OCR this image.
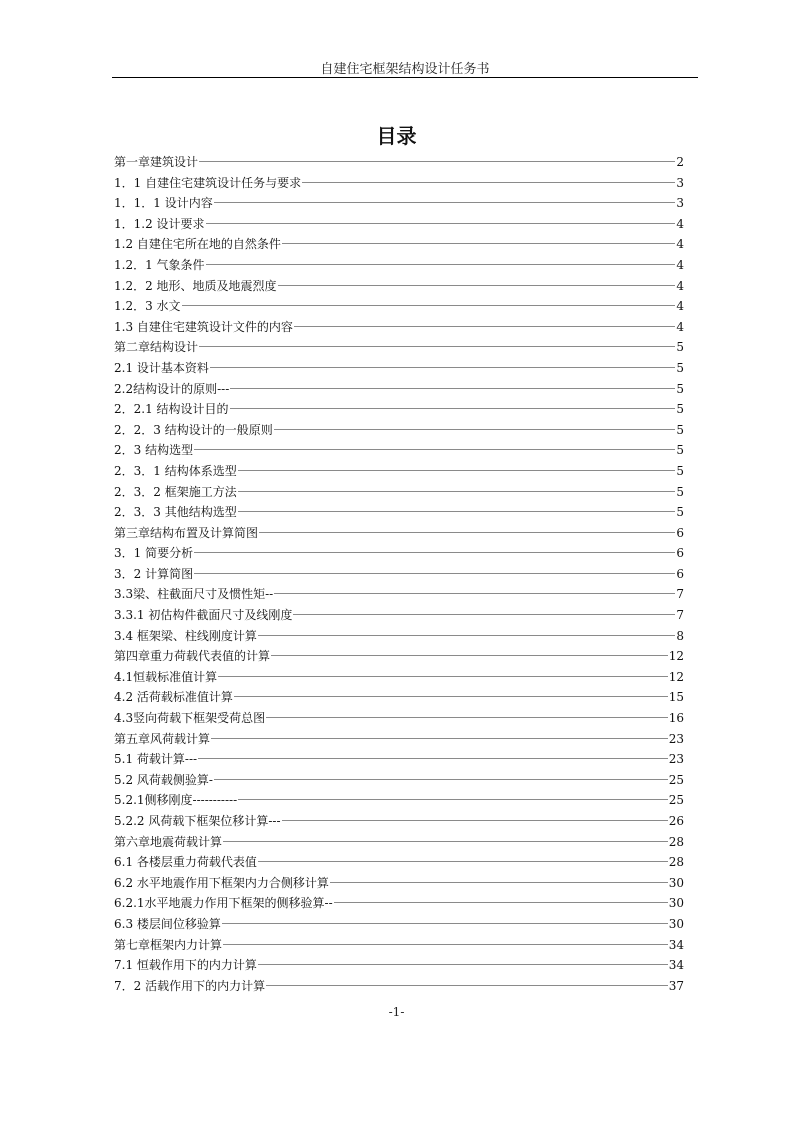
自建住宅框架结构设计任务书
目录
第一章建筑设计	2
1．1 自建住宅建筑设计任务与要求	3
1．1．1 设计内容	3
1．1.2 设计要求	4
1.2 自建住宅所在地的自然条件	4
1.2．1 气象条件	4
1.2．2 地形、地质及地震烈度	4
1.2．3 水文	4
1.3 自建住宅建筑设计文件的内容	4
第二章结构设计	5
2.1 设计基本资料	5
2.2结构设计的原则---	5
2．2.1 结构设计目的	5
2．2．3 结构设计的一般原则	5
2．3 结构选型	5
2．3．1 结构体系选型	5
2．3．2 框架施工方法	5
2．3．3 其他结构选型	5
第三章结构布置及计算简图	6
3．1 简要分析	6
3．2 计算简图	6
3.3梁、柱截面尺寸及惯性矩--	7
3.3.1 初估构件截面尺寸及线刚度	7
3.4 框架梁、柱线刚度计算	8
第四章重力荷载代表值的计算	12
4.1恒载标准值计算	12
4.2 活荷载标准值计算	15
4.3竖向荷载下框架受荷总图	16
第五章风荷载计算	23
5.1 荷载计算---	23
5.2 风荷载侧验算-	25
5.2.1侧移刚度-----------	25
5.2.2 风荷载下框架位移计算---	26
第六章地震荷载计算	28
6.1 各楼层重力荷载代表值	28
6.2 水平地震作用下框架内力合侧移计算	30
6.2.1水平地震力作用下框架的侧移验算--	30
6.3 楼层间位移验算	30
第七章框架内力计算	34
7.1 恒载作用下的内力计算	34
7．2 活载作用下的内力计算	37
-1-
